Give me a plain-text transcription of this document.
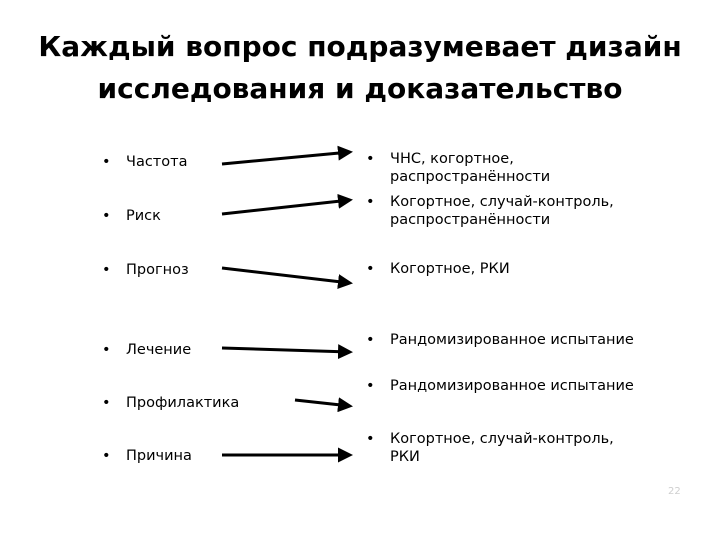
Каждый вопрос подразумевает дизайн
исследования и доказательство
• Частота
• Риск
• Прогноз
• Лечение
• Профилактика
• Причина
• ЧНС, когортное,
распространённости
• Когортное, случай-контроль,
распространённости
• Когортное, РКИ
• Рандомизированное испытание
• Рандомизированное испытание
• Когортное, случай-контроль,
РКИ
22
